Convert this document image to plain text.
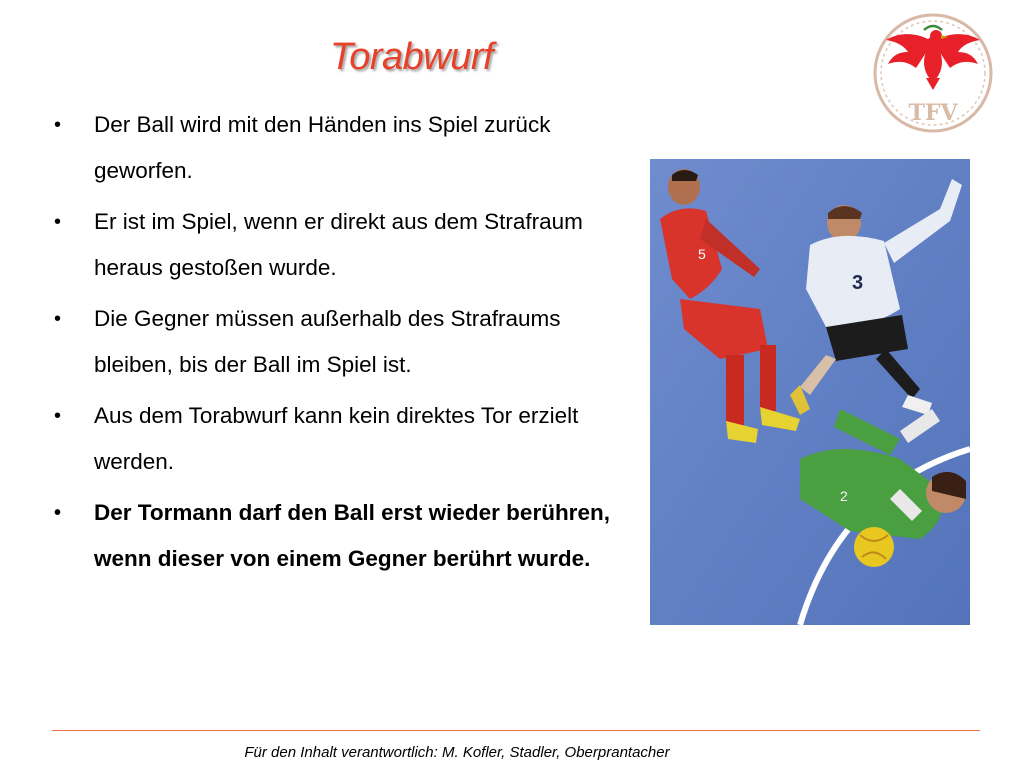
Torabwurf
TFV
• Der Ball wird mit den Händen ins Spiel zurück geworfen.
• Er ist im Spiel, wenn er direkt aus dem Strafraum heraus gestoßen wurde.
• Die Gegner müssen außerhalb des Strafraums bleiben, bis der Ball im Spiel ist.
• Aus dem Torabwurf kann kein direktes Tor erzielt werden.
• Der Tormann darf den Ball erst wieder berühren, wenn dieser von einem Gegner berührt wurde.
5
3
2
Für den Inhalt verantwortlich: M. Kofler, Stadler, Oberprantacher
